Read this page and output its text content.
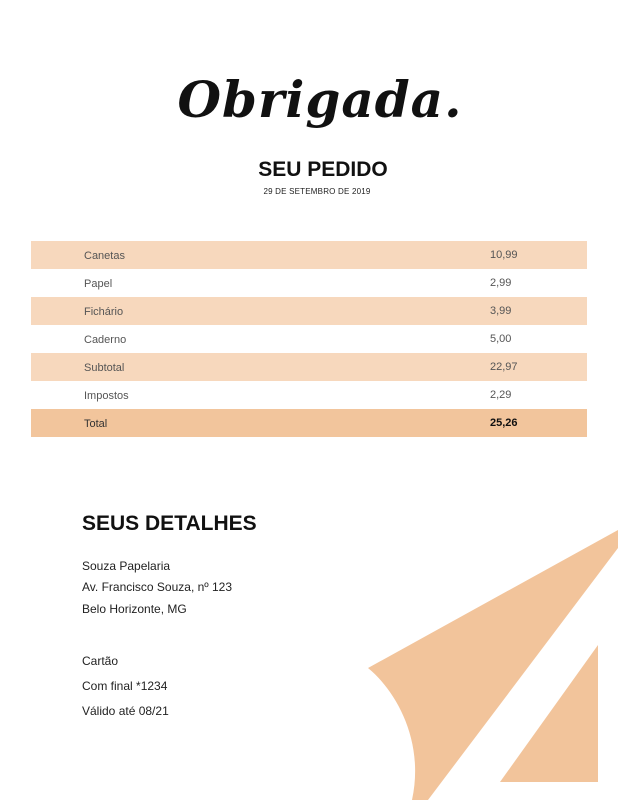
Obrigada.
SEU PEDIDO
29 DE SETEMBRO DE 2019
Canetas	10,99
Papel	2,99
Fichário	3,99
Caderno	5,00
Subtotal	22,97
Impostos	2,29
Total	25,26
SEUS DETALHES
Souza Papelaria
Av. Francisco Souza, nº 123
Belo Horizonte, MG
Cartão
Com final *1234
Válido até 08/21
